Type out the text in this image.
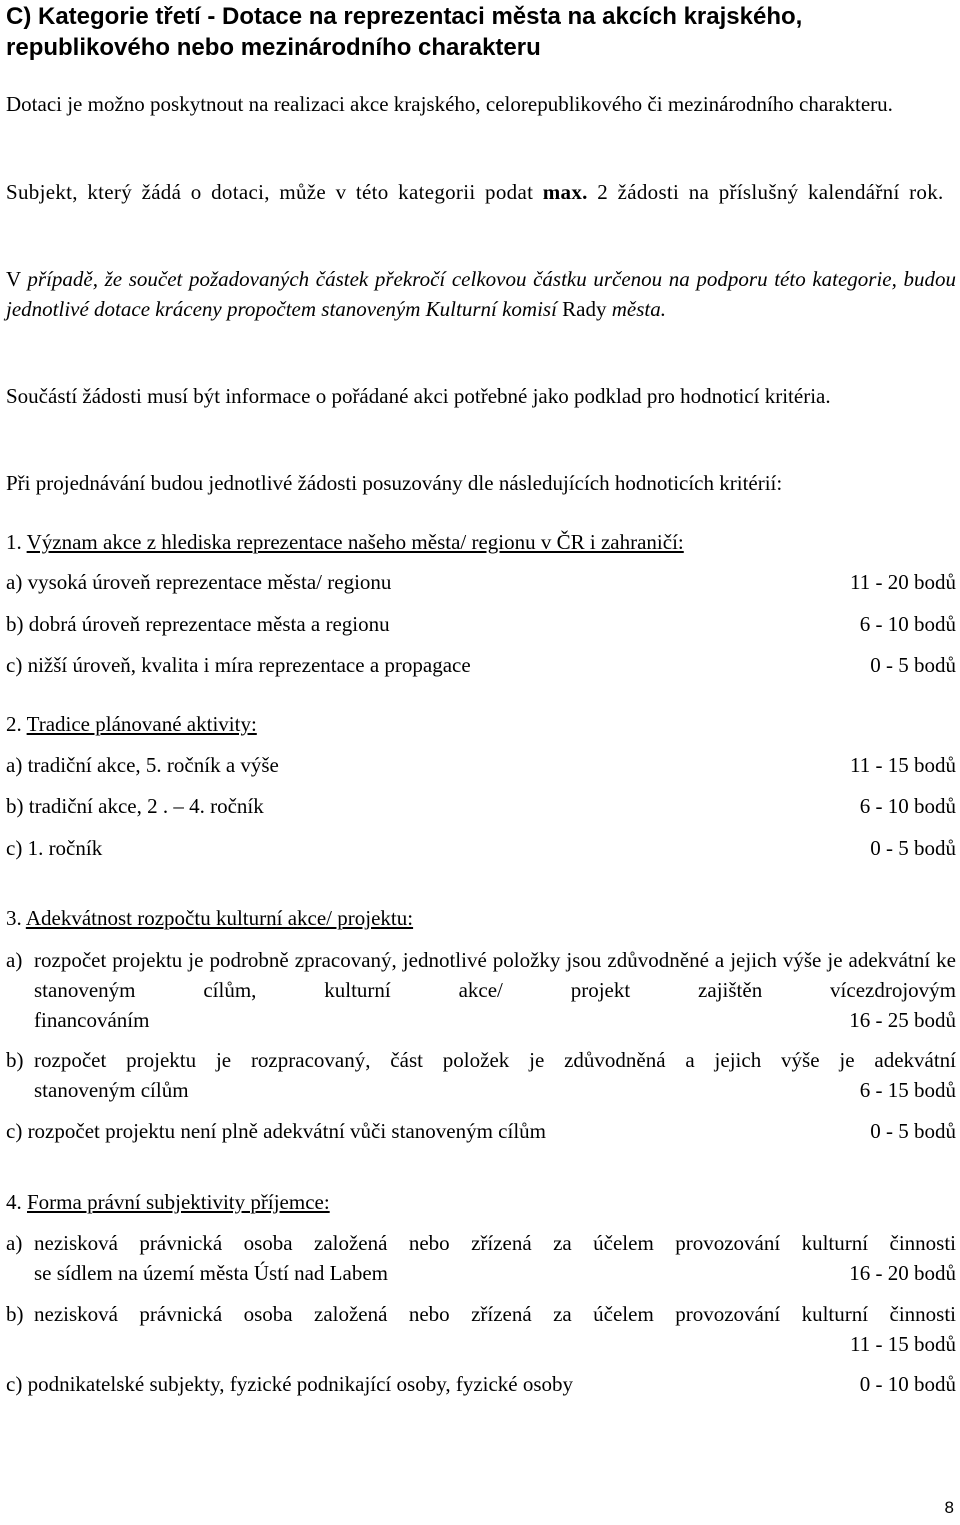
C) Kategorie třetí - Dotace na reprezentaci města na akcích krajského, republikového nebo mezinárodního charakteru
Dotaci je možno poskytnout na realizaci akce krajského, celorepublikového či mezinárodního charakteru.
Subjekt, který žádá o dotaci, může v této kategorii podat max. 2 žádosti na příslušný kalendářní rok.
V případě, že součet požadovaných částek překročí celkovou částku určenou na podporu této kategorie, budou jednotlivé dotace kráceny propočtem stanoveným Kulturní komisí Rady města.
Součástí žádosti musí být informace o pořádané akci potřebné jako podklad pro hodnoticí kritéria.
Při projednávání budou jednotlivé žádosti posuzovány dle následujících hodnoticích kritérií:
1. Význam akce z hlediska reprezentace našeho města/ regionu v ČR i zahraničí:
a) vysoká úroveň reprezentace města/ regionu	11 - 20 bodů
b) dobrá úroveň reprezentace města a regionu	6 - 10 bodů
c) nižší úroveň, kvalita i míra reprezentace a propagace	0 - 5 bodů
2. Tradice plánované aktivity:
a) tradiční akce, 5. ročník a výše	11 - 15 bodů
b) tradiční akce, 2 . – 4. ročník	6 - 10 bodů
c) 1. ročník	0 - 5 bodů
3. Adekvátnost rozpočtu kulturní akce/ projektu:
a) rozpočet projektu je podrobně zpracovaný, jednotlivé položky jsou zdůvodněné a jejich výše je adekvátní ke stanoveným cílům, kulturní akce/ projekt zajištěn vícezdrojovým
financováním	16 - 25 bodů
b) rozpočet projektu je rozpracovaný, část položek je zdůvodněná a jejich výše je adekvátní
stanoveným cílům	6 - 15 bodů
c) rozpočet projektu není plně adekvátní vůči stanoveným cílům	0 - 5 bodů
4. Forma právní subjektivity příjemce:
a) nezisková právnická osoba založená nebo zřízená za účelem provozování kulturní činnosti
se sídlem na území města Ústí nad Labem	16 - 20 bodů
b) nezisková právnická osoba založená nebo zřízená za účelem provozování kulturní činnosti
11 - 15 bodů
c) podnikatelské subjekty, fyzické podnikající osoby, fyzické osoby	0 - 10 bodů
8
